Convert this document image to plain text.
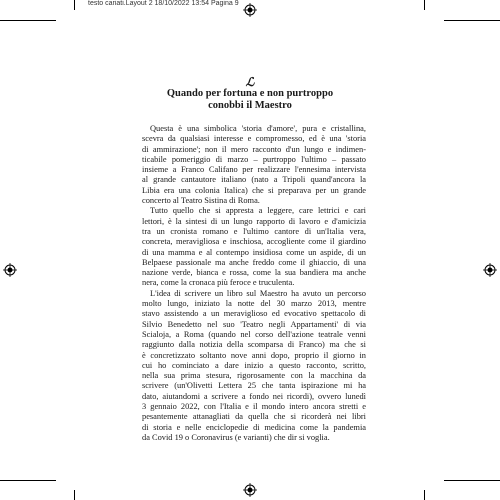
testo cariati.Layout 2 18/10/2022 13:54 Pagina 9
ℒ
Quando per fortuna e non purtroppo
conobbi il Maestro
Questa è una simbolica 'storia d'amore', pura e cristallina,
scevra da qualsiasi interesse e compromesso, ed è una 'storia
di ammirazione'; non il mero racconto d'un lungo e indimen-
ticabile pomeriggio di marzo – purtroppo l'ultimo – passato
insieme a Franco Califano per realizzare l'ennesima intervista
al grande cantautore italiano (nato a Tripoli quand'ancora la
Libia era una colonia Italica) che si preparava per un grande
concerto al Teatro Sistina di Roma.
Tutto quello che si appresta a leggere, care lettrici e cari
lettori, è la sintesi di un lungo rapporto di lavoro e d'amicizia
tra un cronista romano e l'ultimo cantore di un'Italia vera,
concreta, meravigliosa e inschiosa, accogliente come il giardino
di una mamma e al contempo insidiosa come un aspide, di un
Belpaese passionale ma anche freddo come il ghiaccio, di una
nazione verde, bianca e rossa, come la sua bandiera ma anche
nera, come la cronaca più feroce e truculenta.
L'idea di scrivere un libro sul Maestro ha avuto un percorso
molto lungo, iniziato la notte del 30 marzo 2013, mentre
stavo assistendo a un meraviglioso ed evocativo spettacolo di
Silvio Benedetto nel suo 'Teatro negli Appartamenti' di via
Scialoja, a Roma (quando nel corso dell'azione teatrale venni
raggiunto dalla notizia della scomparsa di Franco) ma che si
è concretizzato soltanto nove anni dopo, proprio il giorno in
cui ho cominciato a dare inizio a questo racconto, scritto,
nella sua prima stesura, rigorosamente con la macchina da
scrivere (un'Olivetti Lettera 25 che tanta ispirazione mi ha
dato, aiutandomi a scrivere a fondo nei ricordi), ovvero lunedì
3 gennaio 2022, con l'Italia e il mondo intero ancora stretti e
pesantemente attanagliati da quella che si ricorderà nei libri
di storia e nelle enciclopedie di medicina come la pandemia
da Covid 19 o Coronavirus (e varianti) che dir si voglia.
